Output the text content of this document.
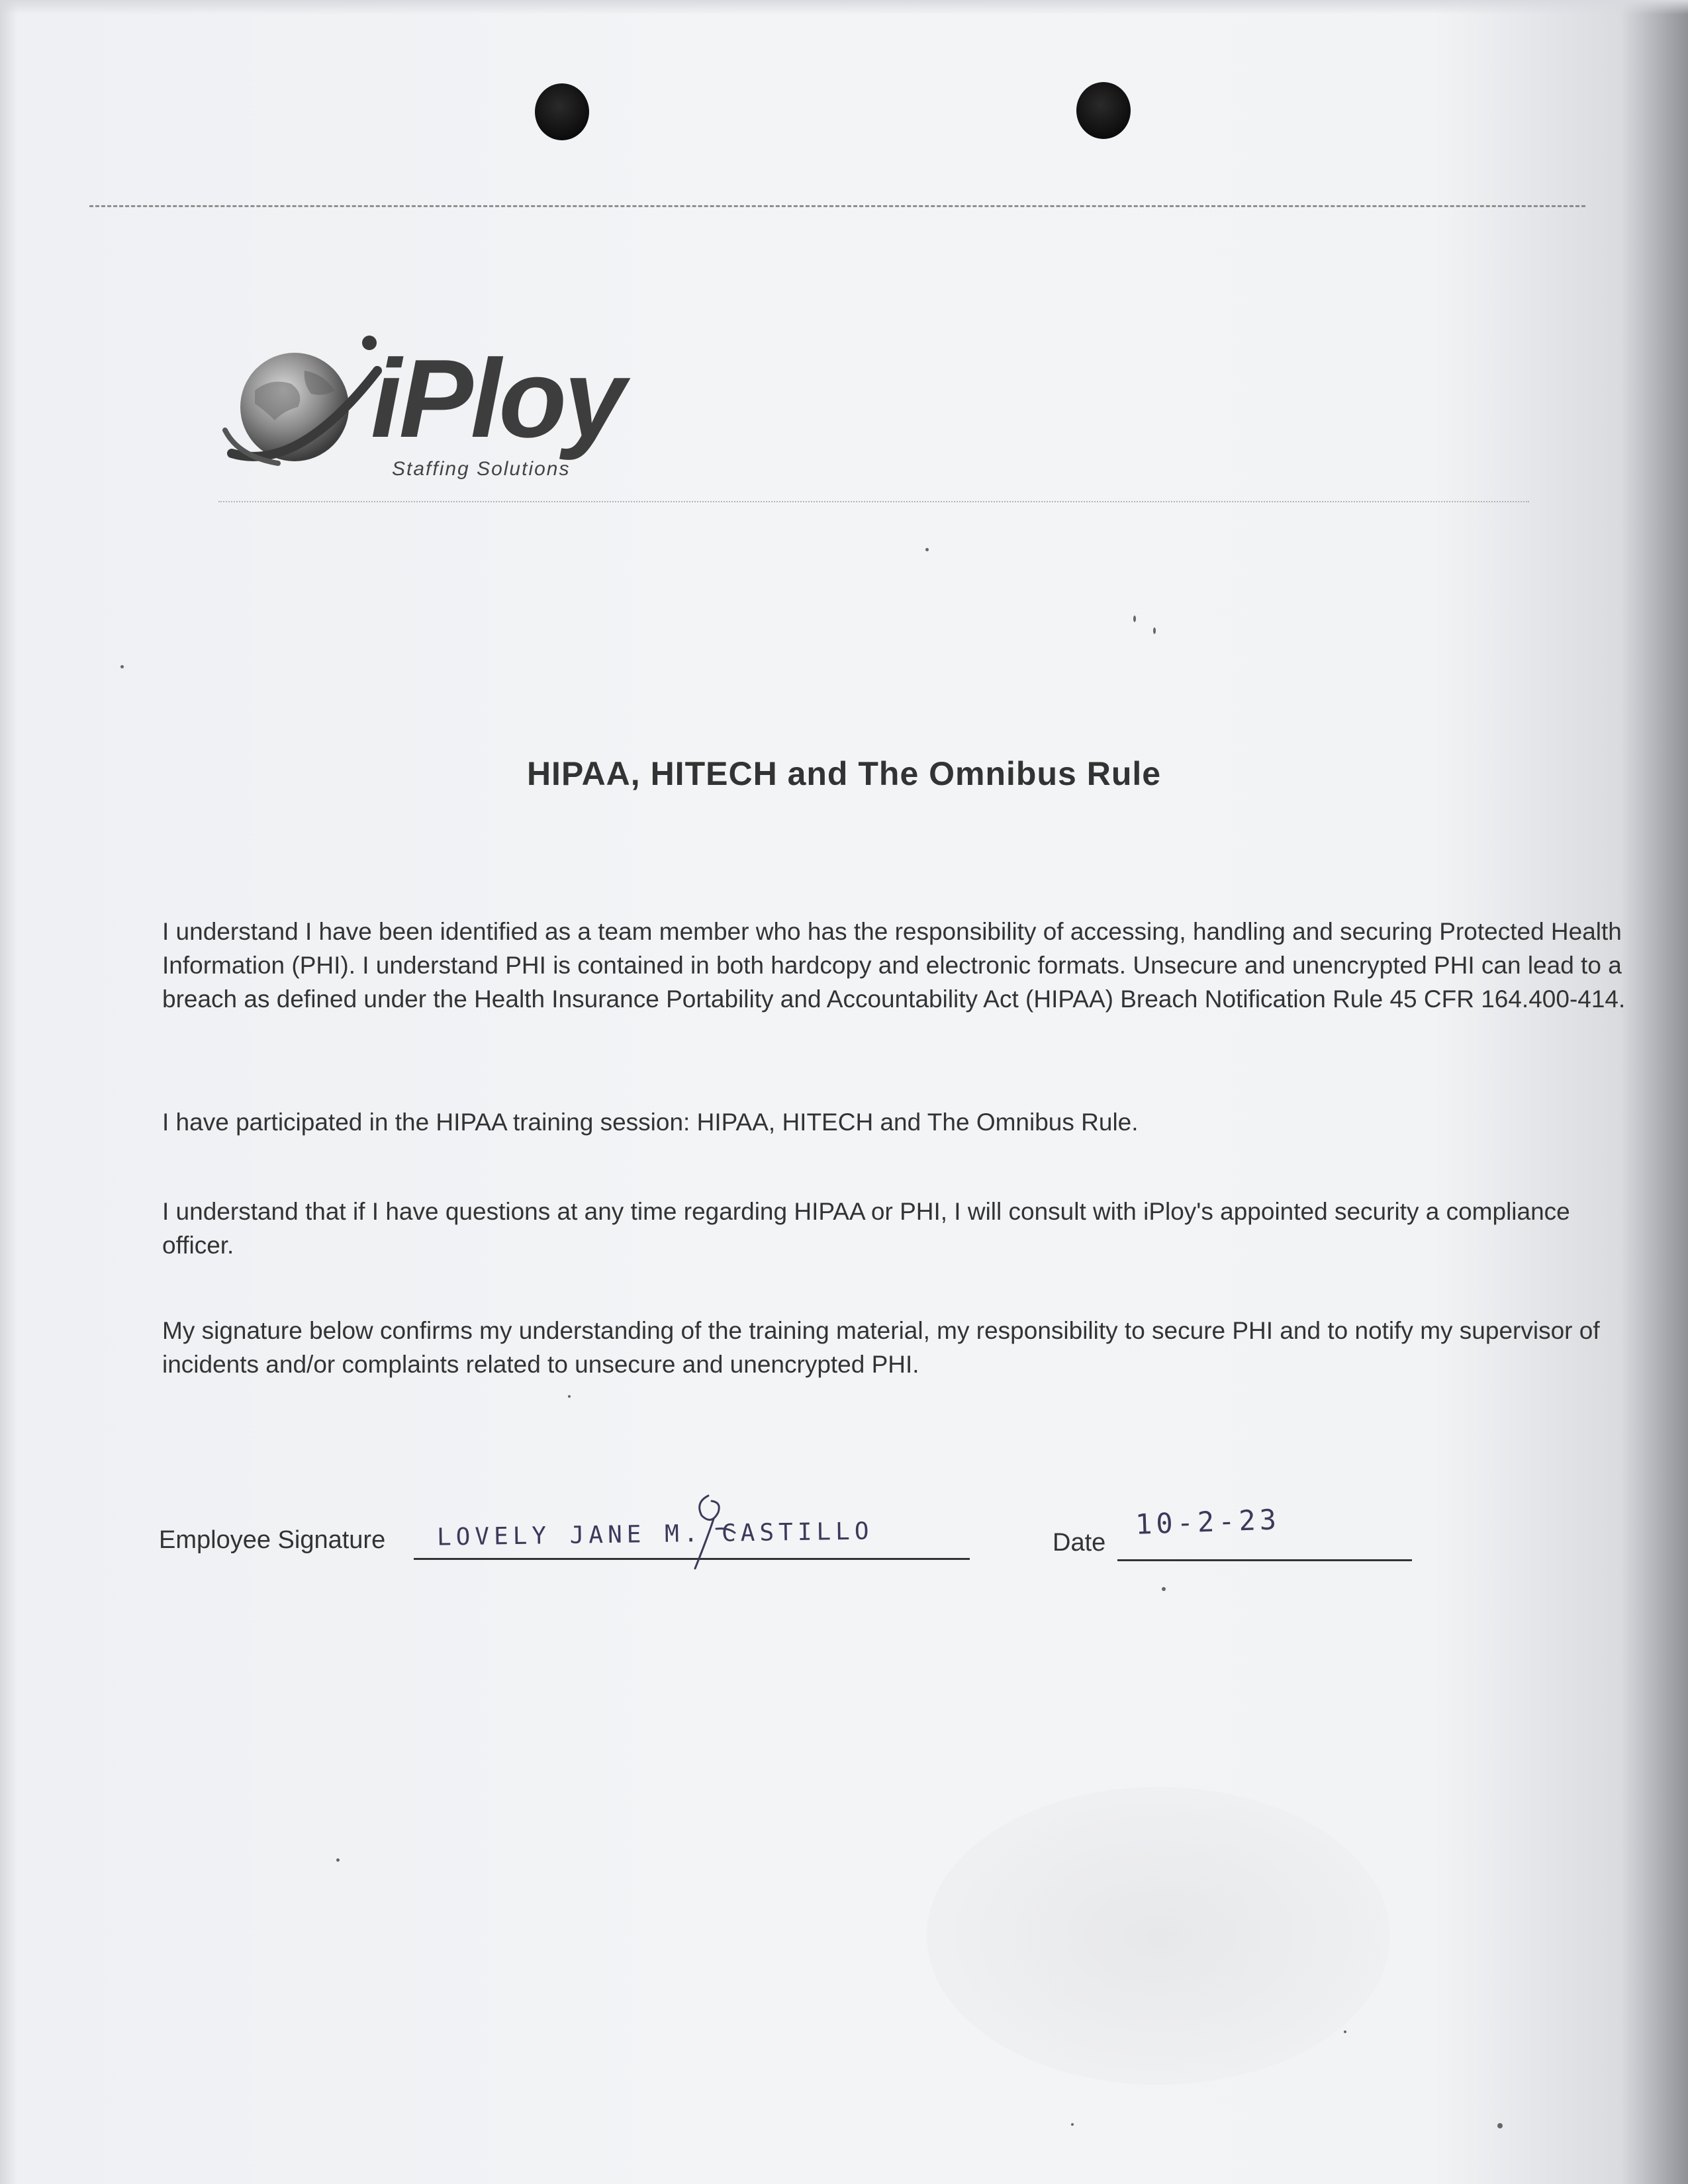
iPloy
Staffing Solutions
HIPAA, HITECH and The Omnibus Rule
I understand I have been identified as a team member who has the responsibility of accessing, handling and securing Protected Health Information (PHI). I understand PHI is contained in both hardcopy and electronic formats. Unsecure and unencrypted PHI can lead to a breach as defined under the Health Insurance Portability and Accountability Act (HIPAA) Breach Notification Rule 45 CFR 164.400-414.
I have participated in the HIPAA training session: HIPAA, HITECH and The Omnibus Rule.
I understand that if I have questions at any time regarding HIPAA or PHI, I will consult with iPloy's appointed security a compliance officer.
My signature below confirms my understanding of the training material, my responsibility to secure PHI and to notify my supervisor of incidents and/or complaints related to unsecure and unencrypted PHI.
Employee Signature LOVELY JANE M. CASTILLO	Date
10-2-23
